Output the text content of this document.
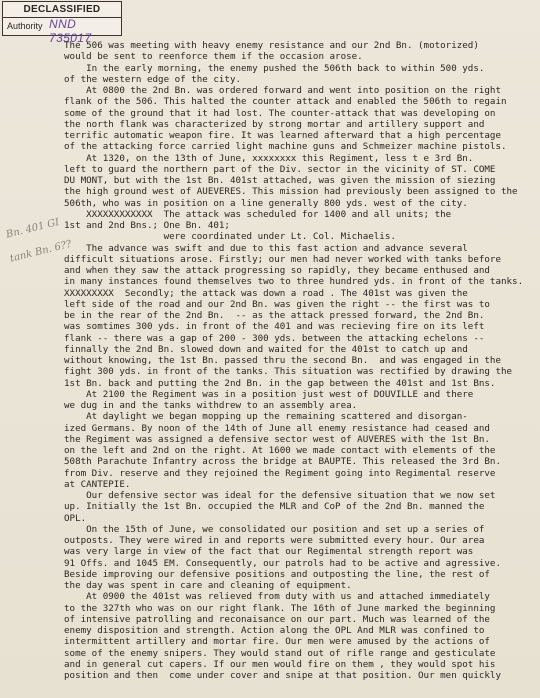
DECLASSIFIED
Authority NND 735017
Bn. 401 GI
tank Bn. 6??
The 506 was meeting with heavy enemy resistance and our 2nd Bn. (motorized)
would be sent to reenforce them if the occasion arose.
In the early morning, the enemy pushed the 506th back to within 500 yds.
of the western edge of the city.
At 0800 the 2nd Bn. was ordered forward and went into position on the right
flank of the 506. This halted the counter attack and enabled the 506th to regain
some of the ground that it had lost. The counter-attack that was developing on
the north flank was characterized by strong mortar and artillery support and
terrific automatic weapon fire. It was learned afterward that a high percentage
of the attacking force carried light machine guns and Schmeizer machine pistols.
At 1320, on the 13th of June, xxxxxxxx this Regiment, less t e 3rd Bn.
left to guard the northern part of the Div. sector in the vicinity of ST. COME
DU MONT, but with the 1st Bn. 401st attached, was given the mission of siezing
the high ground west of AUEVERES. This mission had previously been assigned to the
506th, who was in position on a line generally 800 yds. west of the city.
XXXXXXXXXXXX  The attack was scheduled for 1400 and all units; the
1st and 2nd Bns.; One Bn. 401;
were coordinated under Lt. Col. Michaelis.
The advance was swift and due to this fast action and advance several
difficult situations arose. Firstly; our men had never worked with tanks before
and when they saw the attack progressing so rapidly, they became enthused and
in many instances found themselves two to three hundred yds. in front of the tanks.
XXXXXXXXX  Secondly; the attack was down a road . The 401st was given the
left side of the road and our 2nd Bn. was given the right -- the first was to
be in the rear of the 2nd Bn.  -- as the attack pressed forward, the 2nd Bn.
was somtimes 300 yds. in front of the 401 and was recieving fire on its left
flank -- there was a gap of 200 - 300 yds. between the attacking echelons --
finnally the 2nd Bn. slowed down and waited for the 401st to catch up and
without knowing, the 1st Bn. passed thru the second Bn.  and was engaged in the
fight 300 yds. in front of the tanks. This situation was rectified by drawing the
1st Bn. back and putting the 2nd Bn. in the gap between the 401st and 1st Bns.
At 2100 the Regiment was in a position just west of DOUVILLE and there
we dug in and the tanks withdrew to an assembly area.
At daylight we began mopping up the remaining scattered and disorgan-
ized Germans. By noon of the 14th of June all enemy resistance had ceased and
the Regiment was assigned a defensive sector west of AUVERES with the 1st Bn.
on the left and 2nd on the right. At 1600 we made contact with elements of the
508th Parachute Infantry across the bridge at BAUPTE. This released the 3rd Bn.
from Div. reserve and they rejoined the Regiment going into Regimental reserve
at CANTEPIE.
Our defensive sector was ideal for the defensive situation that we now set
up. Initially the 1st Bn. occupied the MLR and CoP of the 2nd Bn. manned the
OPL.
On the 15th of June, we consolidated our position and set up a series of
outposts. They were wired in and reports were submitted every hour. Our area
was very large in view of the fact that our Regimental strength report was
91 Offs. and 1045 EM. Consequently, our patrols had to be active and agressive.
Beside improving our defensive positions and outposting the line, the rest of
the day was spent in care and cleaning of equipment.
At 0900 the 401st was relieved from duty with us and attached immediately
to the 327th who was on our right flank. The 16th of June marked the beginning
of intensive patrolling and reconaisance on our part. Much was learned of the
enemy disposition and strength. Action along the OPL And MLR was confined to
intermittent artillery and mortar fire. Our men were amused by the actions of
some of the enemy snipers. They would stand out of rifle range and gesticulate
and in general cut capers. If our men would fire on them , they would spot his
position and then  come under cover and snipe at that position. Our men quickly
